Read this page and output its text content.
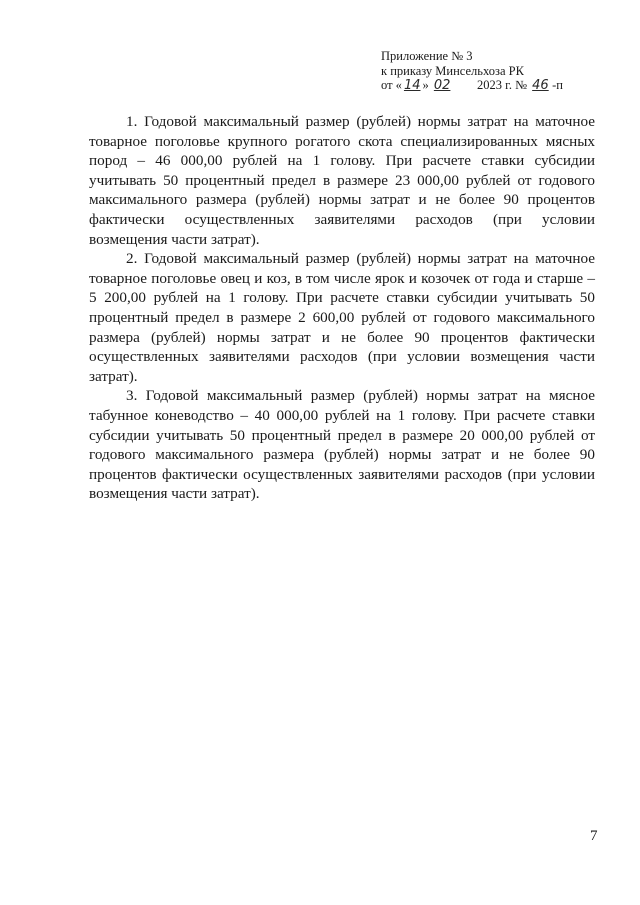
Приложение № 3
к приказу Минсельхоза РК
от « 14 » 02 2023 г. № 46 -п

1. Годовой максимальный размер (рублей) нормы затрат на маточное товарное поголовье крупного рогатого скота специализированных мясных пород – 46 000,00 рублей на 1 голову. При расчете ставки субсидии учитывать 50 процентный предел в размере 23 000,00 рублей от годового максимального размера (рублей) нормы затрат и не более 90 процентов фактически осуществленных заявителями расходов (при условии возмещения части затрат).

2. Годовой максимальный размер (рублей) нормы затрат на маточное товарное поголовье овец и коз, в том числе ярок и козочек от года и старше – 5 200,00 рублей на 1 голову. При расчете ставки субсидии учитывать 50 процентный предел в размере 2 600,00 рублей от годового максимального размера (рублей) нормы затрат и не более 90 процентов фактически осуществленных заявителями расходов (при условии возмещения части затрат).

3. Годовой максимальный размер (рублей) нормы затрат на мясное табунное коневодство – 40 000,00 рублей на 1 голову. При расчете ставки субсидии учитывать 50 процентный предел в размере 20 000,00 рублей от годового максимального размера (рублей) нормы затрат и не более 90 процентов фактически осуществленных заявителями расходов (при условии возмещения части затрат).

7
